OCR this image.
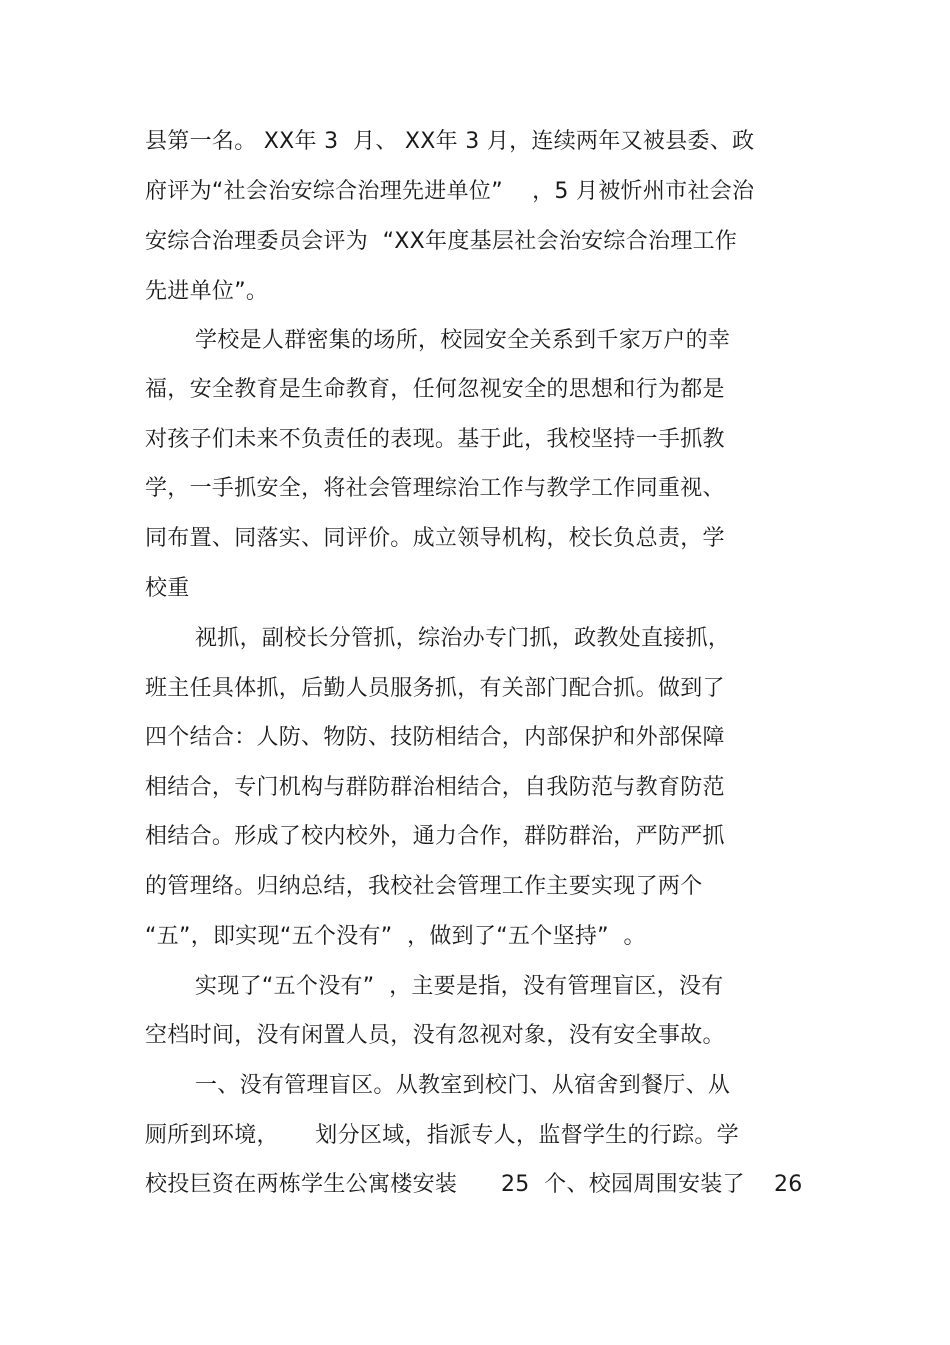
县第一名。 XX年 3  月、 XX年 3 月，连续两年又被县委、政

府评为“社会治安综合治理先进单位”    ，5 月被忻州市社会治

安综合治理委员会评为  “XX年度基层社会治安综合治理工作

先进单位”。

学校是人群密集的场所，校园安全关系到千家万户的幸

福，安全教育是生命教育，任何忽视安全的思想和行为都是

对孩子们未来不负责任的表现。基于此，我校坚持一手抓教

学，一手抓安全，将社会管理综治工作与教学工作同重视、

同布置、同落实、同评价。成立领导机构，校长负总责，学

校重

视抓，副校长分管抓，综治办专门抓，政教处直接抓，

班主任具体抓，后勤人员服务抓，有关部门配合抓。做到了

四个结合：人防、物防、技防相结合，内部保护和外部保障

相结合，专门机构与群防群治相结合，自我防范与教育防范

相结合。形成了校内校外，通力合作，群防群治，严防严抓

的管理络。归纳总结，我校社会管理工作主要实现了两个

“五”，即实现“五个没有”  ，做到了“五个坚持”  。

实现了“五个没有”  ，主要是指，没有管理盲区，没有

空档时间，没有闲置人员，没有忽视对象，没有安全事故。

一、没有管理盲区。从教室到校门、从宿舍到餐厅、从

厕所到环境，     划分区域，指派专人，监督学生的行踪。学

校投巨资在两栋学生公寓楼安装      25  个、校园周围安装了    26
